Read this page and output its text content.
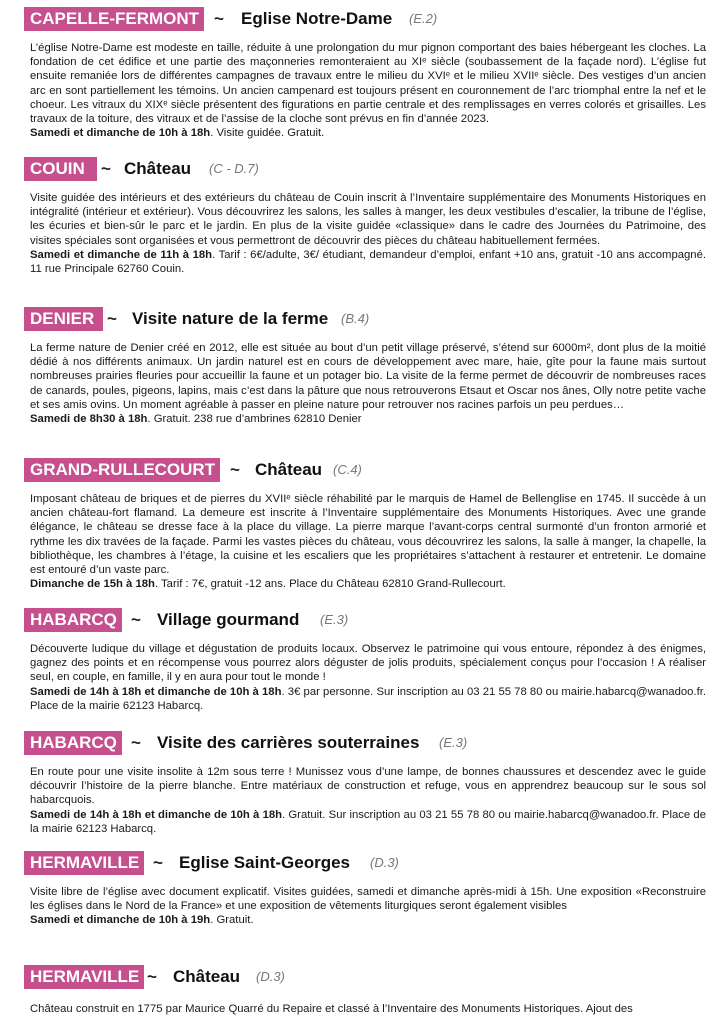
CAPELLE-FERMONT ~ Eglise Notre-Dame (E.2)

L’église Notre-Dame est modeste en taille, réduite à une prolongation du mur pignon comportant des baies hébergeant les cloches. La fondation de cet édifice et une partie des maçonneries remonteraient au XIᵉ siècle (soubassement de la façade nord). L’église fut ensuite remaniée lors de différentes campagnes de travaux entre le milieu du XVIᵉ et le milieu XVIIᵉ siècle. Des vestiges d’un ancien arc en sont partiellement les témoins. Un ancien campenard est toujours présent en couronnement de l’arc triomphal entre la nef et le choeur. Les vitraux du XIXᵉ siècle présentent des figurations en partie centrale et des remplissages en verres colorés et grisailles. Les travaux de la toiture, des vitraux et de l’assise de la cloche sont prévus en fin d’année 2023.

Samedi et dimanche de 10h à 18h. Visite guidée. Gratuit.

COUIN ~ Château (C - D.7)

Visite guidée des intérieurs et des extérieurs du château de Couin inscrit à l’Inventaire supplémentaire des Monuments Historiques en intégralité (intérieur et extérieur). Vous découvrirez les salons, les salles à manger, les deux vestibules d’escalier, la tribune de l’église, les écuries et bien-sûr le parc et le jardin. En plus de la visite guidée «classique» dans le cadre des Journées du Patrimoine, des visites spéciales sont organisées et vous permettront de découvrir des pièces du château habituellement fermées.

Samedi et dimanche de 11h à 18h. Tarif : 6€/adulte, 3€/ étudiant, demandeur d’emploi, enfant +10 ans, gratuit -10 ans accompagné. 11 rue Principale 62760 Couin.

DENIER ~ Visite nature de la ferme (B.4)

La ferme nature de Denier créé en 2012, elle est située au bout d’un petit village préservé, s’étend sur 6000m², dont plus de la moitié dédié à nos différents animaux. Un jardin naturel est en cours de développement avec mare, haie, gîte pour la faune mais surtout nombreuses prairies fleuries pour accueillir la faune et un potager bio. La visite de la ferme permet de découvrir de nombreuses races de canards, poules, pigeons, lapins, mais c’est dans la pâture que nous retrouverons Etsaut et Oscar nos ânes, Olly notre petite vache et ses amis ovins. Un moment agréable à passer en pleine nature pour retrouver nos racines parfois un peu perdues…

Samedi de 8h30 à 18h. Gratuit. 238 rue d’ambrines 62810 Denier

GRAND-RULLECOURT ~ Château (C.4)

Imposant château de briques et de pierres du XVIIᵉ siècle réhabilité par le marquis de Hamel de Bellenglise en 1745. Il succède à un ancien château-fort flamand. La demeure est inscrite à l’Inventaire supplémentaire des Monuments Historiques. Avec une grande élégance, le château se dresse face à la place du village. La pierre marque l’avant-corps central surmonté d’un fronton armorié et rythme les dix travées de la façade. Parmi les vastes pièces du château, vous découvrirez les salons, la salle à manger, la chapelle, la bibliothèque, les chambres à l’étage, la cuisine et les escaliers que les propriétaires s’attachent à restaurer et entretenir. Le domaine est entouré d’un vaste parc.

Dimanche de 15h à 18h. Tarif : 7€, gratuit -12 ans. Place du Château 62810 Grand-Rullecourt.

HABARCQ ~ Village gourmand (E.3)

Découverte ludique du village et dégustation de produits locaux. Observez le patrimoine qui vous entoure, répondez à des énigmes, gagnez des points et en récompense vous pourrez alors déguster de jolis produits, spécialement conçus pour l’occasion ! A réaliser seul, en couple, en famille, il y en aura pour tout le monde !

Samedi de 14h à 18h et dimanche de 10h à 18h. 3€ par personne. Sur inscription au 03 21 55 78 80 ou mairie.habarcq@wanadoo.fr. Place de la mairie 62123 Habarcq.

HABARCQ ~ Visite des carrières souterraines (E.3)

En route pour une visite insolite à 12m sous terre ! Munissez vous d’une lampe, de bonnes chaussures et descendez avec le guide découvrir l’histoire de la pierre blanche. Entre matériaux de construction et refuge, vous en apprendrez beaucoup sur le sous sol habarcquois.

Samedi de 14h à 18h et dimanche de 10h à 18h. Gratuit. Sur inscription au 03 21 55 78 80 ou mairie.habarcq@wanadoo.fr. Place de la mairie 62123 Habarcq.

HERMAVILLE ~ Eglise Saint-Georges (D.3)

Visite libre de l’église avec document explicatif. Visites guidées, samedi et dimanche après-midi à 15h. Une exposition «Reconstruire les églises dans le Nord de la France» et une exposition de vêtements liturgiques seront également visibles

Samedi et dimanche de 10h à 19h. Gratuit.

HERMAVILLE ~ Château (D.3)

Château construit en 1775 par Maurice Quarré du Repaire et classé à l’Inventaire des Monuments Historiques. Ajout des
